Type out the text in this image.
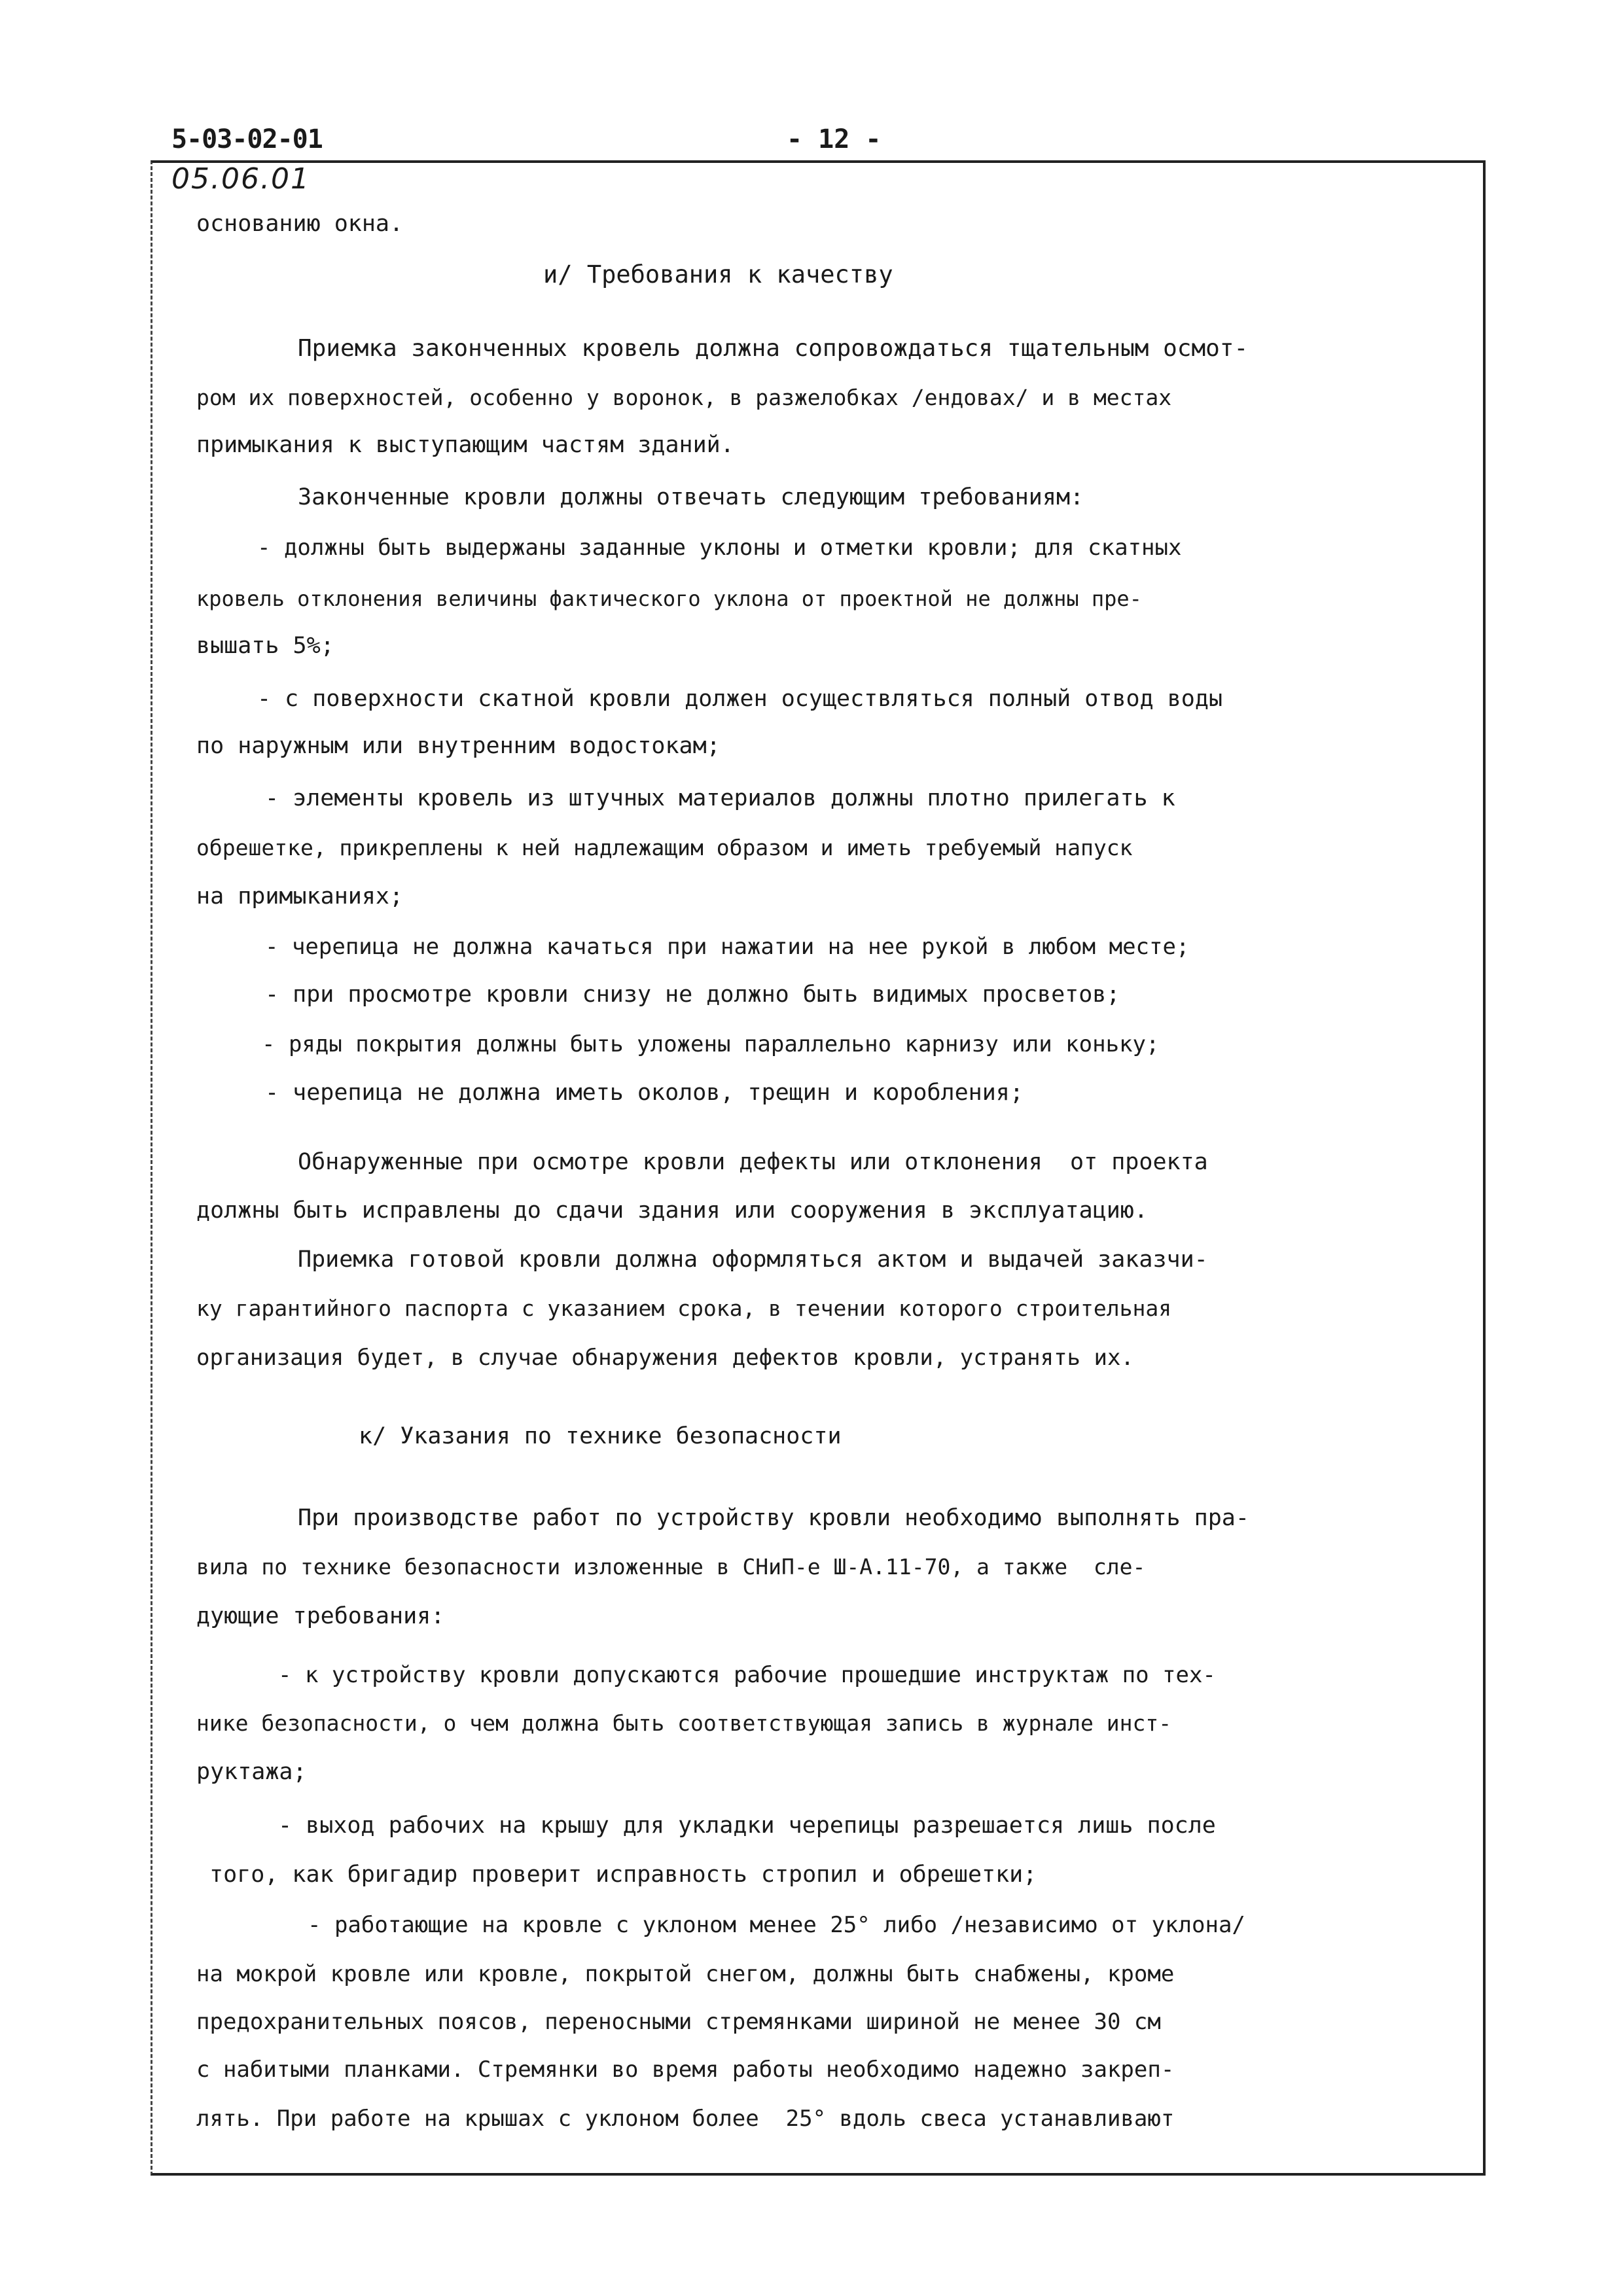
5-03-02-01	- 12 -
05.06.01
основанию окна.
и/ Требования к качеству
Приемка законченных кровель должна сопровождаться тщательным осмот-
ром их поверхностей, особенно у воронок, в разжелобках /ендовах/ и в местах
примыкания к выступающим частям зданий.
Законченные кровли должны отвечать следующим требованиям:
- должны быть выдержаны заданные уклоны и отметки кровли; для скатных
кровель отклонения величины фактического уклона от проектной не должны пре-
вышать 5%;
- с поверхности скатной кровли должен осуществляться полный отвод воды
по наружным или внутренним водостокам;
- элементы кровель из штучных материалов должны плотно прилегать к
обрешетке, прикреплены к ней надлежащим образом и иметь требуемый напуск
на примыканиях;
- черепица не должна качаться при нажатии на нее рукой в любом месте;
- при просмотре кровли снизу не должно быть видимых просветов;
- ряды покрытия должны быть уложены параллельно карнизу или коньку;
- черепица не должна иметь околов, трещин и коробления;
Обнаруженные при осмотре кровли дефекты или отклонения  от проекта
должны быть исправлены до сдачи здания или сооружения в эксплуатацию.
Приемка готовой кровли должна оформляться актом и выдачей заказчи-
ку гарантийного паспорта с указанием срока, в течении которого строительная
организация будет, в случае обнаружения дефектов кровли, устранять их.
к/ Указания по технике безопасности
При производстве работ по устройству кровли необходимо выполнять пра-
вила по технике безопасности изложенные в СНиП-е Ш-А.11-70, а также  сле-
дующие требования:
- к устройству кровли допускаются рабочие прошедшие инструктаж по тех-
нике безопасности, о чем должна быть соответствующая запись в журнале инст-
руктажа;
- выход рабочих на крышу для укладки черепицы разрешается лишь после
того, как бригадир проверит исправность стропил и обрешетки;
- работающие на кровле с уклоном менее 25° либо /независимо от уклона/
на мокрой кровле или кровле, покрытой снегом, должны быть снабжены, кроме
предохранительных поясов, переносными стремянками шириной не менее 30 см
с набитыми планками. Стремянки во время работы необходимо надежно закреп-
лять. При работе на крышах с уклоном более  25° вдоль свеса устанавливают
